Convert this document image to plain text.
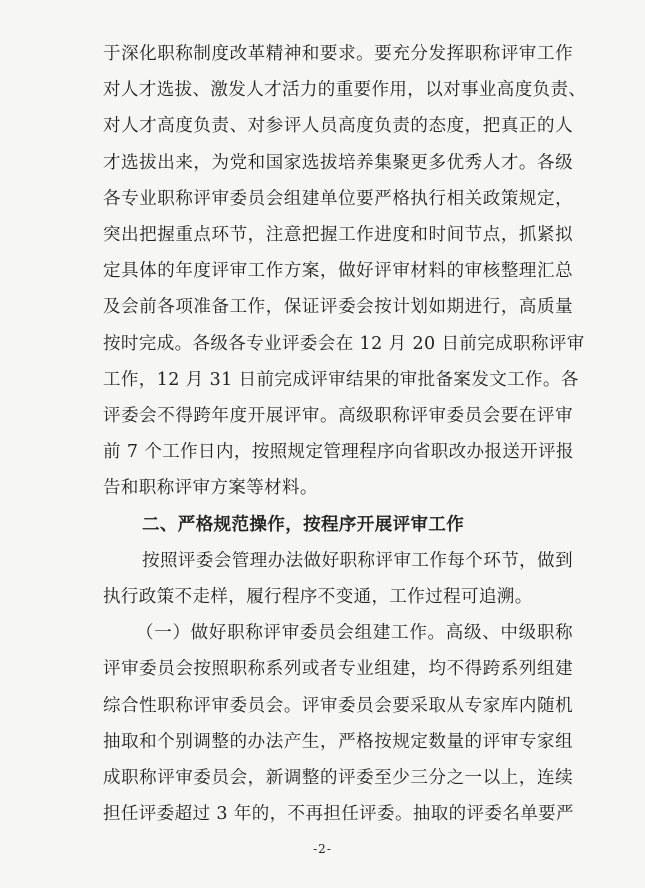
于深化职称制度改革精神和要求。要充分发挥职称评审工作
对人才选拔、激发人才活力的重要作用，以对事业高度负责、
对人才高度负责、对参评人员高度负责的态度，把真正的人
才选拔出来，为党和国家选拔培养集聚更多优秀人才。各级
各专业职称评审委员会组建单位要严格执行相关政策规定，
突出把握重点环节，注意把握工作进度和时间节点，抓紧拟
定具体的年度评审工作方案，做好评审材料的审核整理汇总
及会前各项准备工作，保证评委会按计划如期进行，高质量
按时完成。各级各专业评委会在 12 月 20 日前完成职称评审
工作，12 月 31 日前完成评审结果的审批备案发文工作。各
评委会不得跨年度开展评审。高级职称评审委员会要在评审
前 7 个工作日内，按照规定管理程序向省职改办报送开评报
告和职称评审方案等材料。
二、严格规范操作，按程序开展评审工作
按照评委会管理办法做好职称评审工作每个环节，做到
执行政策不走样，履行程序不变通，工作过程可追溯。
（一）做好职称评审委员会组建工作。高级、中级职称
评审委员会按照职称系列或者专业组建，均不得跨系列组建
综合性职称评审委员会。评审委员会要采取从专家库内随机
-2-
抽取和个别调整的办法产生，严格按规定数量的评审专家组
成职称评审委员会，新调整的评委至少三分之一以上，连续
担任评委超过 3 年的，不再担任评委。抽取的评委名单要严
